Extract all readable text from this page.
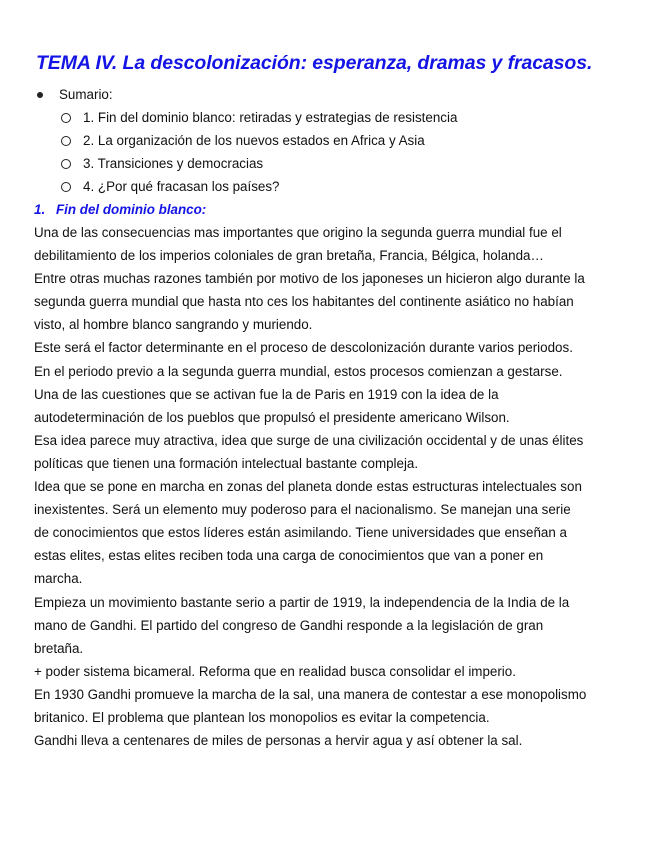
TEMA IV. La descolonización: esperanza, dramas y fracasos.
Sumario:
1. Fin del dominio blanco: retiradas y estrategias de resistencia
2. La organización de los nuevos estados en Africa y Asia
3. Transiciones y democracias
4. ¿Por qué fracasan los países?
1. Fin del dominio blanco:
Una de las consecuencias mas importantes que origino la segunda guerra mundial fue el
debilitamiento de los imperios coloniales de gran bretaña, Francia, Bélgica, holanda…
Entre otras muchas razones también por motivo de los japoneses un hicieron algo durante la
segunda guerra mundial que hasta nto ces los habitantes del continente asiático no habían
visto, al hombre blanco sangrando y muriendo.
Este será el factor determinante en el proceso de descolonización durante varios periodos.
En el periodo previo a la segunda guerra mundial, estos procesos comienzan a gestarse.
Una de las cuestiones que se activan fue la de Paris en 1919 con la idea de la
autodeterminación de los pueblos que propulsó el presidente americano Wilson.
Esa idea parece muy atractiva, idea que surge de una civilización occidental y de unas élites
políticas que tienen una formación intelectual bastante compleja.
Idea que se pone en marcha en zonas del planeta donde estas estructuras intelectuales son
inexistentes. Será un elemento muy poderoso para el nacionalismo. Se manejan una serie
de conocimientos que estos líderes están asimilando. Tiene universidades que enseñan a
estas elites, estas elites reciben toda una carga de conocimientos que van a poner en
marcha.
Empieza un movimiento bastante serio a partir de 1919, la independencia de la India de la
mano de Gandhi. El partido del congreso de Gandhi responde a la legislación de gran
bretaña.
+ poder sistema bicameral. Reforma que en realidad busca consolidar el imperio.
En 1930 Gandhi promueve la marcha de la sal, una manera de contestar a ese monopolismo
britanico. El problema que plantean los monopolios es evitar la competencia.
Gandhi lleva a centenares de miles de personas a hervir agua y así obtener la sal.
